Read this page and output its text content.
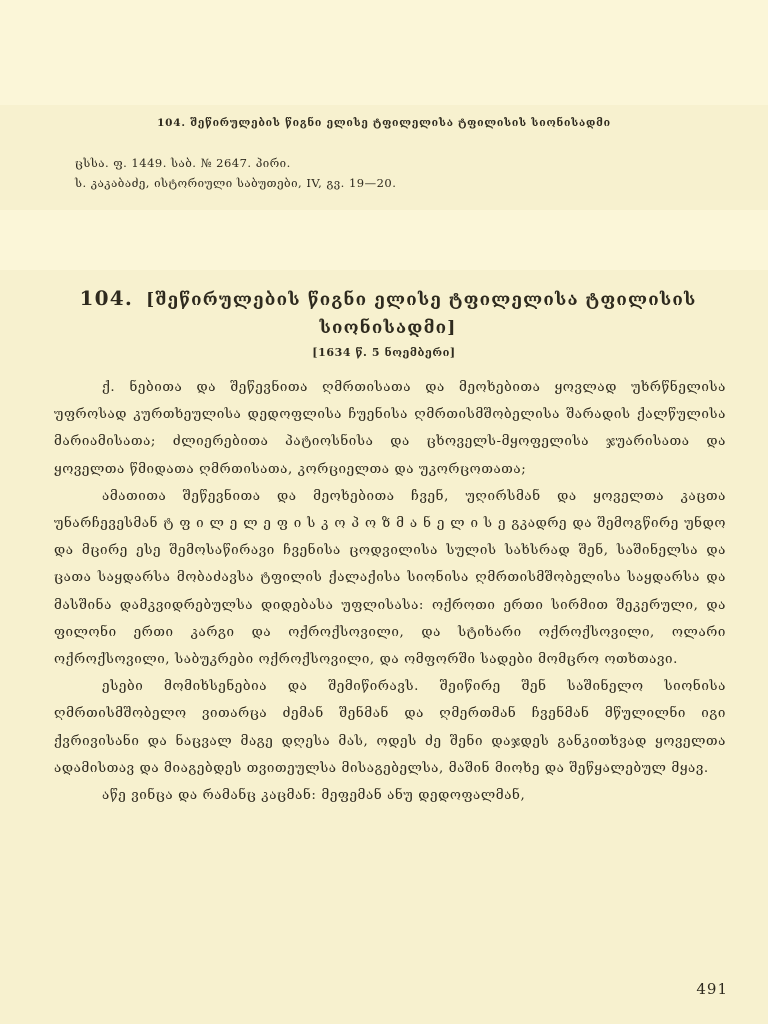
104. შეწირულების წიგნი ელისე ტფილელისა ტფილისის სიონისადმი
ცსსა. ფ. 1449. საბ. № 2647. პირი.
ს. კაკაბაძე, ისტორიული საბუთები, IV, გვ. 19—20.
104. [შეწირულების წიგნი ელისე ტფილელისა ტფილისის სიონისადმი]
[1634 წ. 5 ნოემბერი]

ქ. ნებითა და შეწევნითა ღმრთისათა და მეოხებითა ყოვლად უხრწნელისა უფროსად კურთხეულისა დედოფლისა ჩუენისა ღმრთისმშობელისა შარადის ქალწულისა მარიამისათა; ძლიერებითა პატიოსნისა და ცხოველს-მყოფელისა ჯუარისათა და ყოველთა წმიდათა ღმრთისათა, კორციელთა და უკორცოთათა;

ამათითა შეწევნითა და მეოხებითა ჩვენ, უღირსმან და ყოველთა კაცთა უნარჩევესმან ტ ფ ი ლ ე ლ ე ფ ი ს კ ო პ ო ზ მ ა ნ ე ლ ი ს ე გკადრე და შემოგწირე უნდო და მცირე ესე შემოსაწირავი ჩვენისა ცოდვილისა სულის სახსრად შენ, საშინელსა და ცათა საყდარსა მობაძავსა ტფილის ქალაქისა სიონისა ღმრთისმშობელისა საყდარსა და მასშინა დამკვიდრებულსა დიდებასა უფლისასა: ოქროთი ერთი სირმით შეკერული, და ფილონი ერთი კარგი და ოქროქსოვილი, და სტიხარი ოქროქსოვილი, ოლარი ოქროქსოვილი, საბუკრები ოქროქსოვილი, და ომფორში სადები მომცრო ოთხთავი.

ესები მომიხსენებია და შემიწირავს. შეიწირე შენ საშინელო სიონისა ღმრთისმშობელო ვითარცა ძემან შენმან და ღმერთმან ჩვენმან მწულილნი იგი ქვრივისანი და ნაცვალ მაგე დღესა მას, ოდეს ძე შენი დაჯდეს განკითხვად ყოველთა ადამისთავ და მიაგებდეს თვითეულსა მისაგებელსა, მაშინ მიოხე და შეწყალებულ მყავ.

აწე ვინცა და რამანც კაცმან: მეფემან ანუ დედოფალმან,

491
